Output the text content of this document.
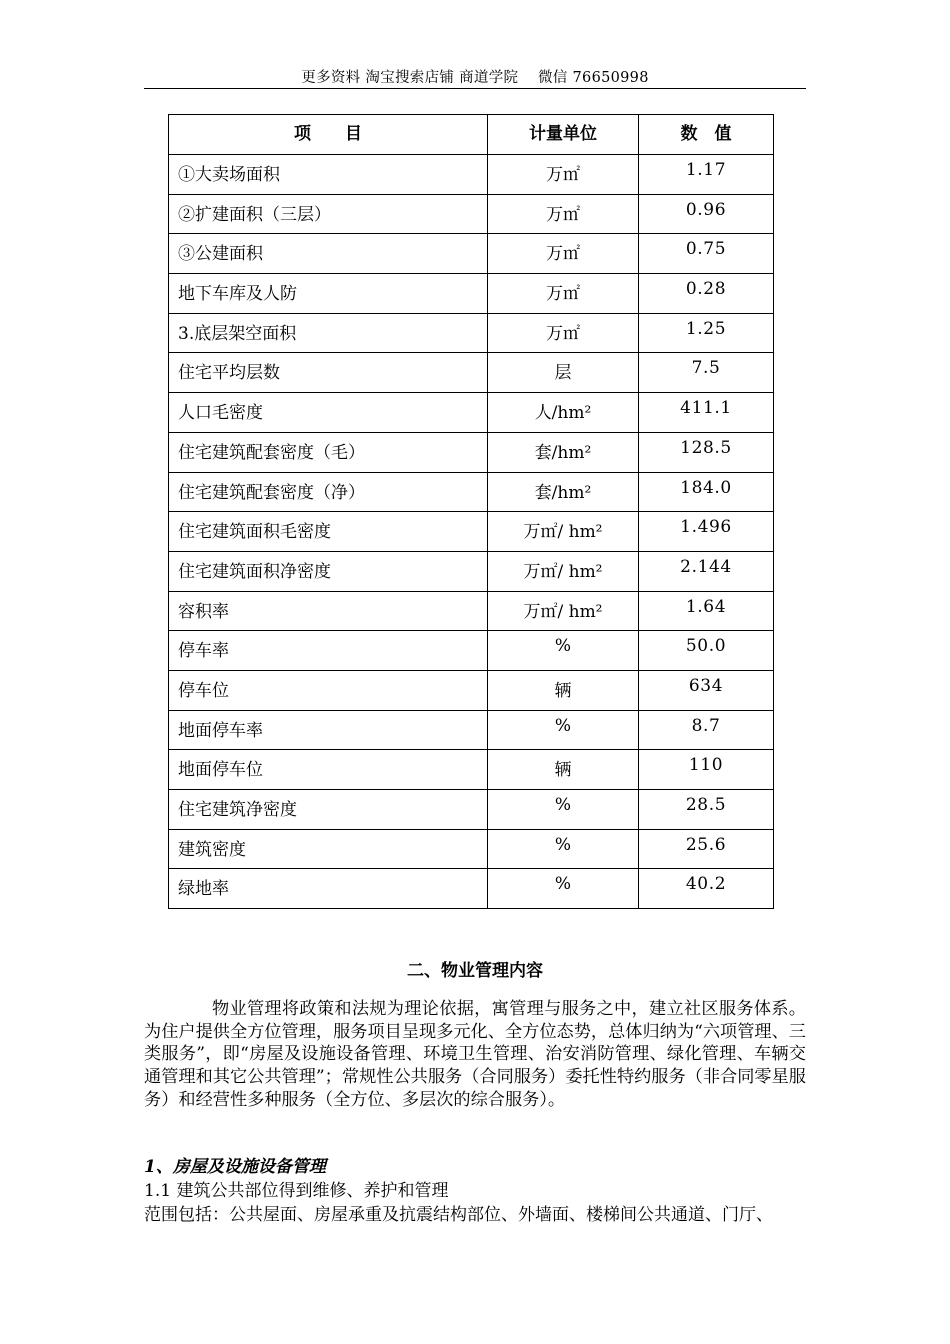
更多资料 淘宝搜索店铺 商道学院　 微信 76650998
项　　目	计量单位	数　值
①大卖场面积	万㎡	1.17
②扩建面积（三层）	万㎡	0.96
③公建面积	万㎡	0.75
地下车库及人防	万㎡	0.28
3.底层架空面积	万㎡	1.25
住宅平均层数	层	7.5
人口毛密度	人/hm²	411.1
住宅建筑配套密度（毛）	套/hm²	128.5
住宅建筑配套密度（净）	套/hm²	184.0
住宅建筑面积毛密度	万㎡/ hm²	1.496
住宅建筑面积净密度	万㎡/ hm²	2.144
容积率	万㎡/ hm²	1.64
停车率	%	50.0
停车位	辆	634
地面停车率	%	8.7
地面停车位	辆	110
住宅建筑净密度	%	28.5
建筑密度	%	25.6
绿地率	%	40.2
二、物业管理内容
物业管理将政策和法规为理论依据，寓管理与服务之中，建立社区服务体系。为住户提供全方位管理，服务项目呈现多元化、全方位态势，总体归纳为“六项管理、三类服务”，即“房屋及设施设备管理、环境卫生管理、治安消防管理、绿化管理、车辆交通管理和其它公共管理”；常规性公共服务（合同服务）委托性特约服务（非合同零星服务）和经营性多种服务（全方位、多层次的综合服务）。
1、房屋及设施设备管理
1.1 建筑公共部位得到维修、养护和管理
范围包括：公共屋面、房屋承重及抗震结构部位、外墙面、楼梯间公共通道、门厅、
